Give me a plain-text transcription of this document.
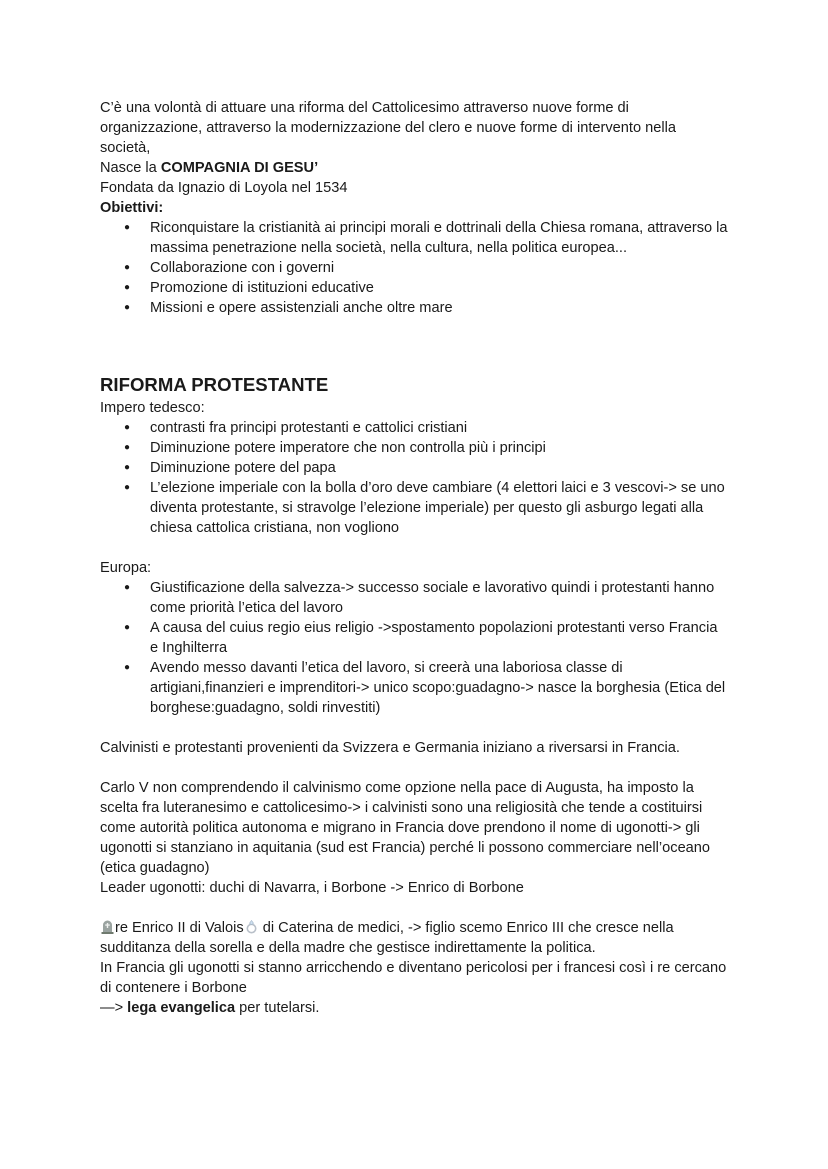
C’è una volontà di attuare una riforma del Cattolicesimo attraverso nuove forme di organizzazione, attraverso la modernizzazione del clero e nuove forme di intervento nella società,

Nasce la COMPAGNIA DI GESU’

Fondata da Ignazio di Loyola nel 1534

Obiettivi:

● Riconquistare la cristianità ai principi morali e dottrinali della Chiesa romana, attraverso la massima penetrazione nella società, nella cultura, nella politica europea...
● Collaborazione con i governi
● Promozione di istituzioni educative
● Missioni e opere assistenziali anche oltre mare
RIFORMA PROTESTANTE

Impero tedesco:

● contrasti fra principi protestanti e cattolici cristiani
● Diminuzione potere imperatore che non controlla più i principi
● Diminuzione potere del papa
● L’elezione imperiale con la bolla d’oro deve cambiare (4 elettori laici e 3 vescovi-> se uno diventa protestante, si stravolge l’elezione imperiale) per questo gli asburgo legati alla chiesa cattolica cristiana, non vogliono

Europa:

● Giustificazione della salvezza-> successo sociale e lavorativo quindi i protestanti hanno come priorità l’etica del lavoro
● A causa del cuius regio eius religio ->spostamento popolazioni protestanti verso Francia e Inghilterra
● Avendo messo davanti l’etica del lavoro, si creerà una laboriosa classe di artigiani,finanzieri e imprenditori-> unico scopo:guadagno-> nasce la borghesia (Etica del borghese:guadagno, soldi rinvestiti)

Calvinisti e protestanti provenienti da Svizzera e Germania iniziano a riversarsi in Francia.

Carlo V non comprendendo il calvinismo come opzione nella pace di Augusta, ha imposto la scelta fra luteranesimo e cattolicesimo-> i calvinisti sono una religiosità che tende a costituirsi come autorità politica autonoma e migrano in Francia dove prendono il nome di ugonotti-> gli ugonotti si stanziano in aquitania (sud est Francia) perché li possono commerciare nell’oceano (etica guadagno)

Leader ugonotti: duchi di Navarra, i Borbone -> Enrico di Borbone

re Enrico II di Valois di Caterina de medici, -> figlio scemo Enrico III che cresce nella sudditanza della sorella e della madre che gestisce indirettamente la politica.

In Francia gli ugonotti si stanno arricchendo e diventano pericolosi per i francesi così i re cercano di contenere i Borbone

—> lega evangelica per tutelarsi.
